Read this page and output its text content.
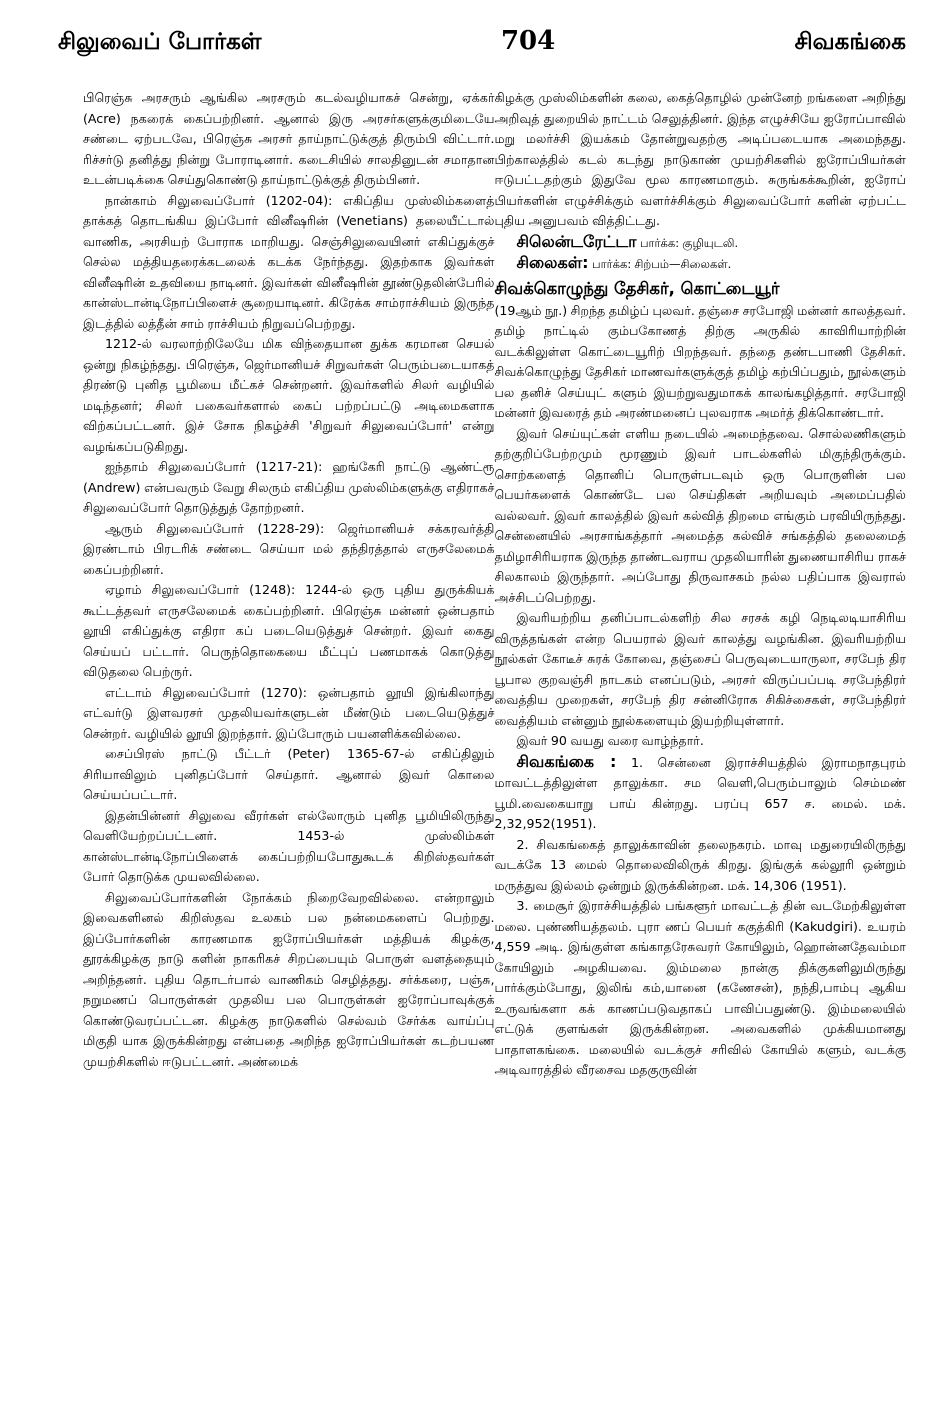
சிலுவைப் போர்கள்	704	சிவகங்கை

பிரெஞ்சு அரசரும் ஆங்கில அரசரும் கடல்வழியாகச் சென்று, ஏக்கர் (Acre) நகரைக் கைப்பற்றினர். ஆனால் இரு அரசர்களுக்குமிடையே சண்டை ஏற்படவே, பிரெஞ்சு அரசர் தாய்நாட்டுக்குத் திரும்பி விட்டார். ரிச்சர்டு தனித்து நின்று போராடினார். கடைசியில் சாலதினுடன் சமாதான உடன்படிக்கை செய்துகொண்டு தாய்நாட்டுக்குத் திரும்பினர்.

நான்காம் சிலுவைப்போர் (1202-04): எகிப்திய முஸ்லிம்களைத் தாக்கத் தொடங்கிய இப்போர் வினீஷரின் (Venetians) தலையீட்டால் வாணிக, அரசியற் போராக மாறியது. செஞ்சிலுவையினர் எகிப்துக்குச் செல்ல மத்தியதரைக்கடலைக் கடக்க நேர்ந்தது. இதற்காக இவர்கள் வினீஷரின் உதவியை நாடினர். இவர்கள் வினீஷரின் தூண்டுதலின்பேரில் கான்ஸ்டான்டிநோப்பிளைச் சூறையாடினர். கிரேக்க சாம்ராச்சியம் இருந்த இடத்தில் லத்தீன் சாம் ராச்சியம் நிறுவப்பெற்றது.

1212-ல் வரலாற்றிலேயே மிக விந்தையான துக்க கரமான செயல் ஒன்று நிகழ்ந்தது. பிரெஞ்சு, ஜெர்மானியச் சிறுவர்கள் பெரும்படையாகத் திரண்டு புனித பூமியை மீட்கச் சென்றனர். இவர்களில் சிலர் வழியில் மடிந்தனர்; சிலர் பகைவர்களால் கைப் பற்றப்பட்டு அடிமைகளாக விற்கப்பட்டனர். இச் சோக நிகழ்ச்சி 'சிறுவர் சிலுவைப்போர்' என்று வழங்கப்படுகிறது.

ஐந்தாம் சிலுவைப்போர் (1217-21): ஹங்கேரி நாட்டு ஆண்ட்ரூ (Andrew) என்பவரும் வேறு சிலரும் எகிப்திய முஸ்லிம்களுக்கு எதிராகச் சிலுவைப்போர் தொடுத்துத் தோற்றனர்.

ஆரும் சிலுவைப்போர் (1228-29): ஜெர்மானியச் சக்கரவர்த்தி இரண்டாம் பிரடரிக் சண்டை செய்யா மல் தந்திரத்தால் எருசலேமைக் கைப்பற்றினர்.

ஏழாம் சிலுவைப்போர் (1248): 1244-ல் ஒரு புதிய துருக்கியக் கூட்டத்தவர் எருசலேமைக் கைப்பற்றினர். பிரெஞ்சு மன்னர் ஒன்பதாம் லூயி எகிப்துக்கு எதிரா கப் படையெடுத்துச் சென்றர். இவர் கைது செய்யப் பட்டார். பெருந்தொகையை மீட்புப் பணமாகக் கொடுத்து விடுதலை பெற்ருர்.

எட்டாம் சிலுவைப்போர் (1270): ஒன்பதாம் லூயி இங்கிலாந்து எட்வர்டு இளவரசர் முதலியவர்களுடன் மீண்டும் படையெடுத்துச் சென்றர். வழியில் லூயி இறந்தார். இப்போரும் பயனளிக்கவில்லை.

சைப்பிரஸ் நாட்டு பீட்டர் (Peter) 1365-67-ல் எகிப்திலும் சிரியாவிலும் புனிதப்போர் செய்தார். ஆனால் இவர் கொலை செய்யப்பட்டார்.

இதன்பின்னர் சிலுவை வீரர்கள் எல்லோரும் புனித பூமியிலிருந்து வெளியேற்றப்பட்டனர். 1453-ல் முஸ்லிம்கள் கான்ஸ்டான்டிநோப்பிளைக் கைப்பற்றியபோதுகூடக் கிறிஸ்தவர்கள் போர் தொடுக்க முயலவில்லை.

சிலுவைப்போர்களின் நோக்கம் நிறைவேறவில்லை. என்றாலும் இவைகளினல் கிறிஸ்தவ உலகம் பல நன்மைகளைப் பெற்றது. இப்போர்களின் காரணமாக ஐரோப்பியர்கள் மத்தியக் கிழக்கு, தூரக்கிழக்கு நாடு களின் நாகரிகச் சிறப்பையும் பொருள் வளத்தையும் அறிந்தனர். புதிய தொடர்பால் வாணிகம் செழித்தது. சர்க்கரை, பஞ்சு, நறுமணப் பொருள்கள் முதலிய பல பொருள்கள் ஐரோப்பாவுக்குக் கொண்டுவரப்பட்டன. கிழக்கு நாடுகளில் செல்வம் சேர்க்க வாய்ப்பு மிகுதி யாக இருக்கின்றது என்பதை அறிந்த ஐரோப்பியர்கள் கடற்பயண முயற்சிகளில் ஈடுபட்டனர். அண்மைக்

கிழக்கு முஸ்லிம்களின் கலை, கைத்தொழில் முன்னேற் றங்களை அறிந்து அறிவுத் துறையில் நாட்டம் செலுத்தினர். இந்த எழுச்சியே ஐரோப்பாவில் மறு மலர்ச்சி இயக்கம் தோன்றுவதற்கு அடிப்படையாக அமைந்தது. பிற்காலத்தில் கடல் கடந்து நாடுகாண் முயற்சிகளில் ஐரோப்பியர்கள் ஈடுபட்டதற்கும் இதுவே மூல காரணமாகும். சுருங்கக்கூறின், ஐரோப் பியர்களின் எழுச்சிக்கும் வளர்ச்சிக்கும் சிலுவைப்போர் களின் ஏற்பட்ட புதிய அனுபவம் வித்திட்டது.

சிலென்டரேட்டா பார்க்க: குழியுடலி.

சிலைகள்: பார்க்க: சிற்பம்—சிலைகள்.

சிவக்கொழுந்து தேசிகர், கொட்டையூர்

(19ஆம் நூ.) சிறந்த தமிழ்ப் புலவர். தஞ்சை சரபோஜி மன்னர் காலத்தவர். தமிழ் நாட்டில் கும்பகோணத் திற்கு அருகில் காவிரியாற்றின் வடக்கிலுள்ள கொட்டையூரிற் பிறந்தவர். தந்தை தண்டபாணி தேசிகர். சிவக்கொழுந்து தேசிகர் மாணவர்களுக்குத் தமிழ் கற்பிப்பதும், நூல்களும் பல தனிச் செய்யுட் களும் இயற்றுவதுமாகக் காலங்கழித்தார். சரபோஜி மன்னர் இவரைத் தம் அரண்மனைப் புலவராக அமர்த் திக்கொண்டார்.

இவர் செய்யுட்கள் எளிய நடையில் அமைந்தவை. சொல்லணிகளும் தற்குறிப்பேற்றமும் மூரணும் இவர் பாடல்களில் மிகுந்திருக்கும். சொற்களைத் தொனிப் பொருள்படவும் ஒரு பொருளின் பல பெயர்களைக் கொண்டே பல செய்திகள் அறியவும் அமைப்பதில் வல்லவர். இவர் காலத்தில் இவர் கல்வித் திறமை எங்கும் பரவியிருந்தது. சென்னையில் அரசாங்கத்தார் அமைத்த கல்விச் சங்கத்தில் தலைமைத் தமிழாசிரியராக இருந்த தாண்டவராய முதலியாரின் துணையாசிரிய ராகச் சிலகாலம் இருந்தார். அப்போது திருவாசகம் நல்ல பதிப்பாக இவரால் அச்சிடப்பெற்றது.

இவரியற்றிய தனிப்பாடல்களிற் சில சரசக் கழி நெடிலடியாசிரிய விருத்தங்கள் என்ற பெயரால் இவர் காலத்து வழங்கின. இவரியற்றிய நூல்கள் கோடீச் சுரக் கோவை, தஞ்சைப் பெருவுடையாருலா, சரபேந் திர பூபால குறவஞ்சி நாடகம் எனப்படும், அரசர் விருப்பப்படி சரபேந்திரர் வைத்திய முறைகள், சரபேந் திர சன்னிரோக சிகிச்சைகள், சரபேந்திரர் வைத்தியம் என்னும் நூல்களையும் இயற்றியுள்ளார்.

இவர் 90 வயது வரை வாழ்ந்தார்.

சிவகங்கை : 1. சென்னை இராச்சியத்தில் இராமநாதபுரம் மாவட்டத்திலுள்ள தாலுக்கா. சம வெளி,பெரும்பாலும் செம்மண் பூமி.வைகையாறு பாய் கின்றது. பரப்பு 657 ச. மைல். மக். 2,32,952(1951).

2. சிவகங்கைத் தாலுக்காவின் தலைநகரம். மாவு மதுரையிலிருந்து வடக்கே 13 மைல் தொலைவிலிருக் கிறது. இங்குக் கல்லூரி ஒன்றும் மருத்துவ இல்லம் ஒன்றும் இருக்கின்றன. மக். 14,306 (1951).

3. மைசூர் இராச்சியத்தில் பங்களூர் மாவட்டத் தின் வடமேற்கிலுள்ள மலை. புண்ணியத்தலம். புரா ணப் பெயர் ககுத்கிரி (Kakudgiri). உயரம் 4,559 அடி. இங்குள்ள கங்காதரேசுவரர் கோயிலும், ஹொன்னதேவம்மா கோயிலும் அழகியவை. இம்மலை நான்கு திக்குகளிலுமிருந்து பார்க்கும்போது, இலிங் கம்,யானை (கணேசன்), நந்தி,பாம்பு ஆகிய உருவங்களா கக் காணப்படுவதாகப் பாவிப்பதுண்டு. இம்மலையில் எட்டுக் குளங்கள் இருக்கின்றன. அவைகளில் முக்கியமானது பாதாளகங்கை. மலையில் வடக்குச் சரிவில் கோயில் களும், வடக்கு அடிவாரத்தில் வீரசைவ மதகுருவின்
